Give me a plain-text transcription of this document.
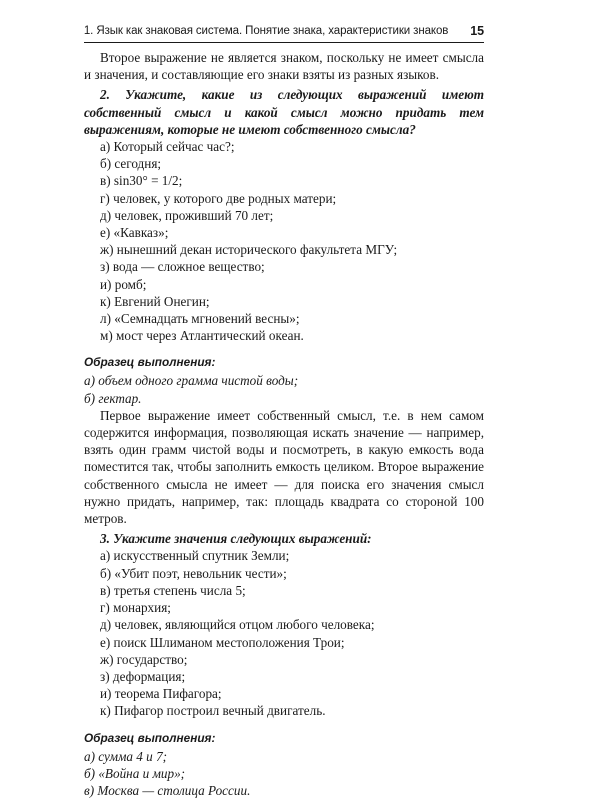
1. Язык как знаковая система. Понятие знака, характеристики знаков 15

Второе выражение не является знаком, поскольку не имеет смысла и значения, и составляющие его знаки взяты из разных языков.

2. Укажите, какие из следующих выражений имеют собственный смысл и какой смысл можно придать тем выражениям, которые не имеют собственного смысла?

а) Который сейчас час?;
б) сегодня;
в) sin30° = 1/2;
г) человек, у которого две родных матери;
д) человек, проживший 70 лет;
е) «Кавказ»;
ж) нынешний декан исторического факультета МГУ;
з) вода — сложное вещество;
и) ромб;
к) Евгений Онегин;
л) «Семнадцать мгновений весны»;
м) мост через Атлантический океан.
Образец выполнения:
а) объем одного грамма чистой воды;
б) гектар.

Первое выражение имеет собственный смысл, т.е. в нем самом содержится информация, позволяющая искать значение — например, взять один грамм чистой воды и посмотреть, в какую емкость вода поместится так, чтобы заполнить емкость целиком. Второе выражение собственного смысла не имеет — для поиска его значения смысл нужно придать, например, так: площадь квадрата со стороной 100 метров.

3. Укажите значения следующих выражений:

а) искусственный спутник Земли;
б) «Убит поэт, невольник чести»;
в) третья степень числа 5;
г) монархия;
д) человек, являющийся отцом любого человека;
е) поиск Шлиманом местоположения Трои;
ж) государство;
з) деформация;
и) теорема Пифагора;
к) Пифагор построил вечный двигатель.
Образец выполнения:
а) сумма 4 и 7;
б) «Война и мир»;
в) Москва — столица России.
